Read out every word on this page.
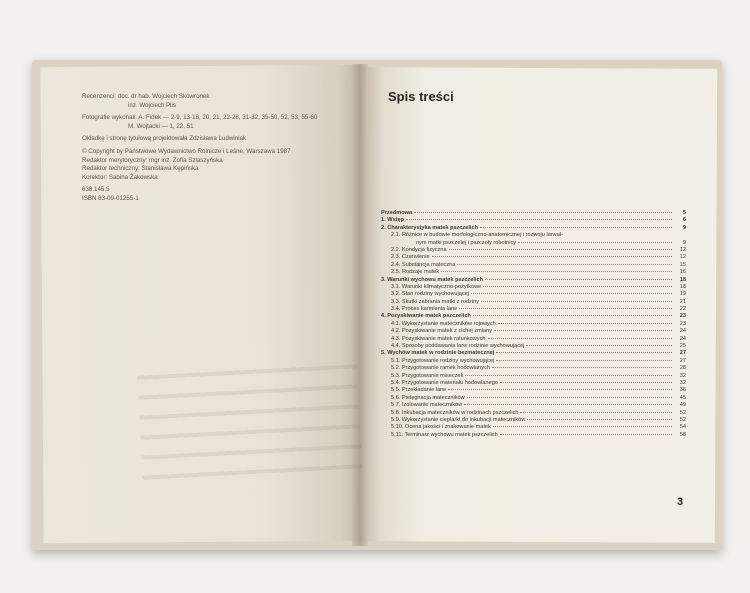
Recenzenci: doc. dr hab. Wojciech Skowronek
inż. Wojciech Plis
Fotografie wykonali: A. Fidek — 2-9, 13-18, 20, 21, 22-28, 31-32, 35-50, 52, 53, 55-60
M. Wojtacki — 1, 22, 51
Okładkę i stronę tytułową projektowała Zdzisława Ludwiniak
© Copyright by Państwowe Wydawnictwo Rolnicze i Leśne, Warszawa 1987
Redaktor merytoryczny: mgr inż. Zofia Szlaszyńska
Redaktor techniczny: Stanisława Kępińska
Korektor: Sabina Żakowska
638.145.5
ISBN 83-09-01255-1
Spis treści
Przedmowa	5
1. Wstęp	6
2. Charakterystyka matek pszczelich	9
2.1. Różnice w budowie morfologiczno-anatomicznej i rozwoju larwal-
nym matki pszczelej i pszczoły robotnicy	9
2.2. Kondycja fizyczna	12
2.3. Czerwienie	12
2.4. Substancja mateczna	15
2.5. Rodzaje matek	16
3. Warunki wychowu matek pszczelich	18
3.1. Warunki klimatyczno-pożytkowe	18
3.2. Stan rodziny wychowującej	19
3.3. Skutki zabrania matki z rodziny	21
3.4. Proces karmienia larw	22
4. Pozyskiwanie matek pszczelich	23
4.1. Wykorzystanie mateczników rojowych	23
4.2. Pozyskiwanie matek z cichej zmiany	24
4.3. Pozyskiwanie matek ratunkowych	24
4.4. Sposoby poddawania larw rodzinie wychowującej	25
5. Wychów matek w rodzinie bezmatecznej	27
5.1. Przygotowanie rodziny wychowującej	27
5.2. Przygotowanie ramek hodowlanych	28
5.3. Przygotowanie miseczek	32
5.4. Przygotowanie materiału hodowlanego	32
5.5. Przekładanie larw	36
5.6. Pielęgnacja mateczników	45
5.7. Izolowanie mateczników	49
5.8. Inkubacja mateczników w rodzinach pszczelich	52
5.9. Wykorzystanie cieplarki do inkubacji mateczników	52
5.10. Ocena jakości i znakowanie matek	54
5.11. Terminarz wychowu matek pszczelich	58
3
